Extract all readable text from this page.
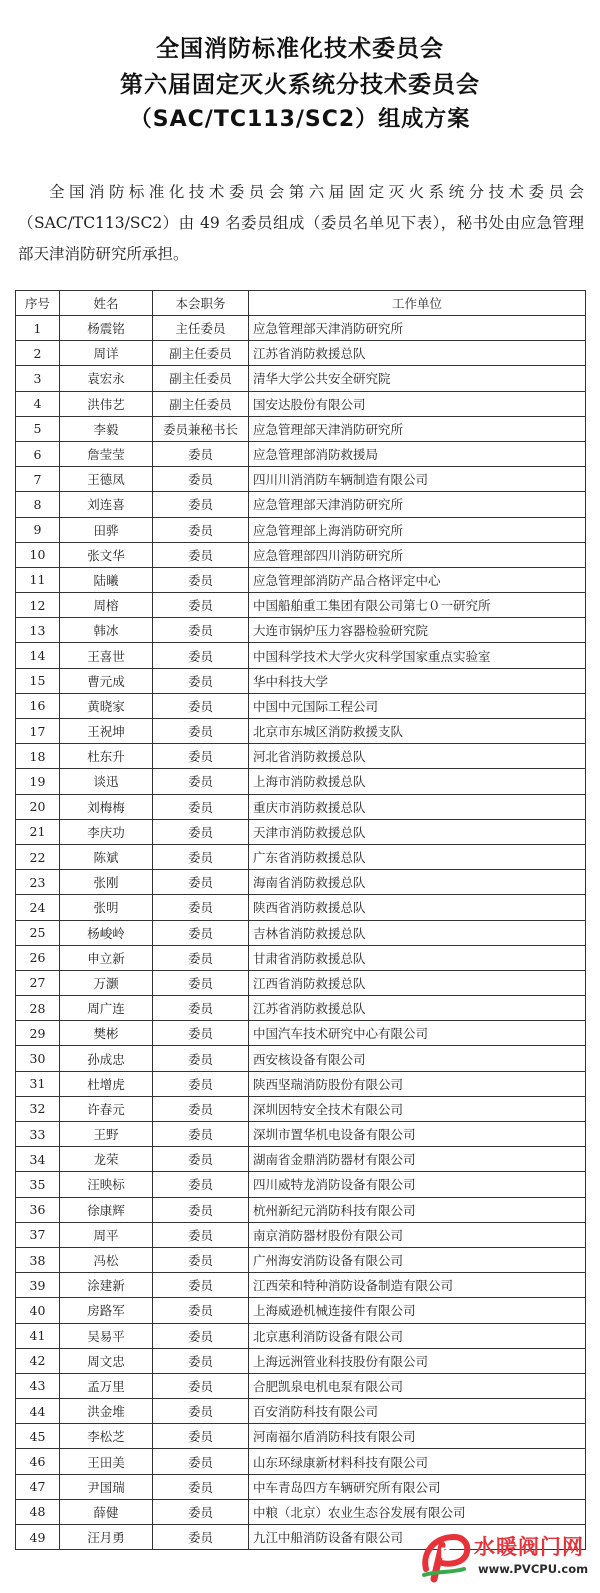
全国消防标准化技术委员会
第六届固定灭火系统分技术委员会
（SAC/TC113/SC2）组成方案

全国消防标准化技术委员会第六届固定灭火系统分技术委员会（SAC/TC113/SC2）由 49 名委员组成（委员名单见下表），秘书处由应急管理部天津消防研究所承担。

序号	姓名	本会职务	工作单位
1	杨震铭	主任委员	应急管理部天津消防研究所
2	周详	副主任委员	江苏省消防救援总队
3	袁宏永	副主任委员	清华大学公共安全研究院
4	洪伟艺	副主任委员	国安达股份有限公司
5	李毅	委员兼秘书长	应急管理部天津消防研究所
6	詹莹莹	委员	应急管理部消防救援局
7	王德凤	委员	四川川消消防车辆制造有限公司
8	刘连喜	委员	应急管理部天津消防研究所
9	田骅	委员	应急管理部上海消防研究所
10	张文华	委员	应急管理部四川消防研究所
11	陆曦	委员	应急管理部消防产品合格评定中心
12	周榕	委员	中国船舶重工集团有限公司第七０一研究所
13	韩冰	委员	大连市锅炉压力容器检验研究院
14	王喜世	委员	中国科学技术大学火灾科学国家重点实验室
15	曹元成	委员	华中科技大学
16	黄晓家	委员	中国中元国际工程公司
17	王祝坤	委员	北京市东城区消防救援支队
18	杜东升	委员	河北省消防救援总队
19	谈迅	委员	上海市消防救援总队
20	刘梅梅	委员	重庆市消防救援总队
21	李庆功	委员	天津市消防救援总队
22	陈斌	委员	广东省消防救援总队
23	张刚	委员	海南省消防救援总队
24	张明	委员	陕西省消防救援总队
25	杨峻岭	委员	吉林省消防救援总队
26	申立新	委员	甘肃省消防救援总队
27	万灏	委员	江西省消防救援总队
28	周广连	委员	江苏省消防救援总队
29	樊彬	委员	中国汽车技术研究中心有限公司
30	孙成忠	委员	西安核设备有限公司
31	杜增虎	委员	陕西坚瑞消防股份有限公司
32	许春元	委员	深圳因特安全技术有限公司
33	王野	委员	深圳市置华机电设备有限公司
34	龙荣	委员	湖南省金鼎消防器材有限公司
35	汪映标	委员	四川威特龙消防设备有限公司
36	徐康辉	委员	杭州新纪元消防科技有限公司
37	周平	委员	南京消防器材股份有限公司
38	冯松	委员	广州海安消防设备有限公司
39	涂建新	委员	江西荣和特种消防设备制造有限公司
40	房路军	委员	上海威逊机械连接件有限公司
41	吴易平	委员	北京惠利消防设备有限公司
42	周文忠	委员	上海远洲管业科技股份有限公司
43	孟万里	委员	合肥凯泉电机电泵有限公司
44	洪金堆	委员	百安消防科技有限公司
45	李松芝	委员	河南福尔盾消防科技有限公司
46	王田美	委员	山东环绿康新材料科技有限公司
47	尹国瑞	委员	中车青岛四方车辆研究所有限公司
48	薛健	委员	中粮（北京）农业生态谷发展有限公司
49	汪月勇	委员	九江中船消防设备有限公司
P 水暖阀门网
www.PVCPU.com
